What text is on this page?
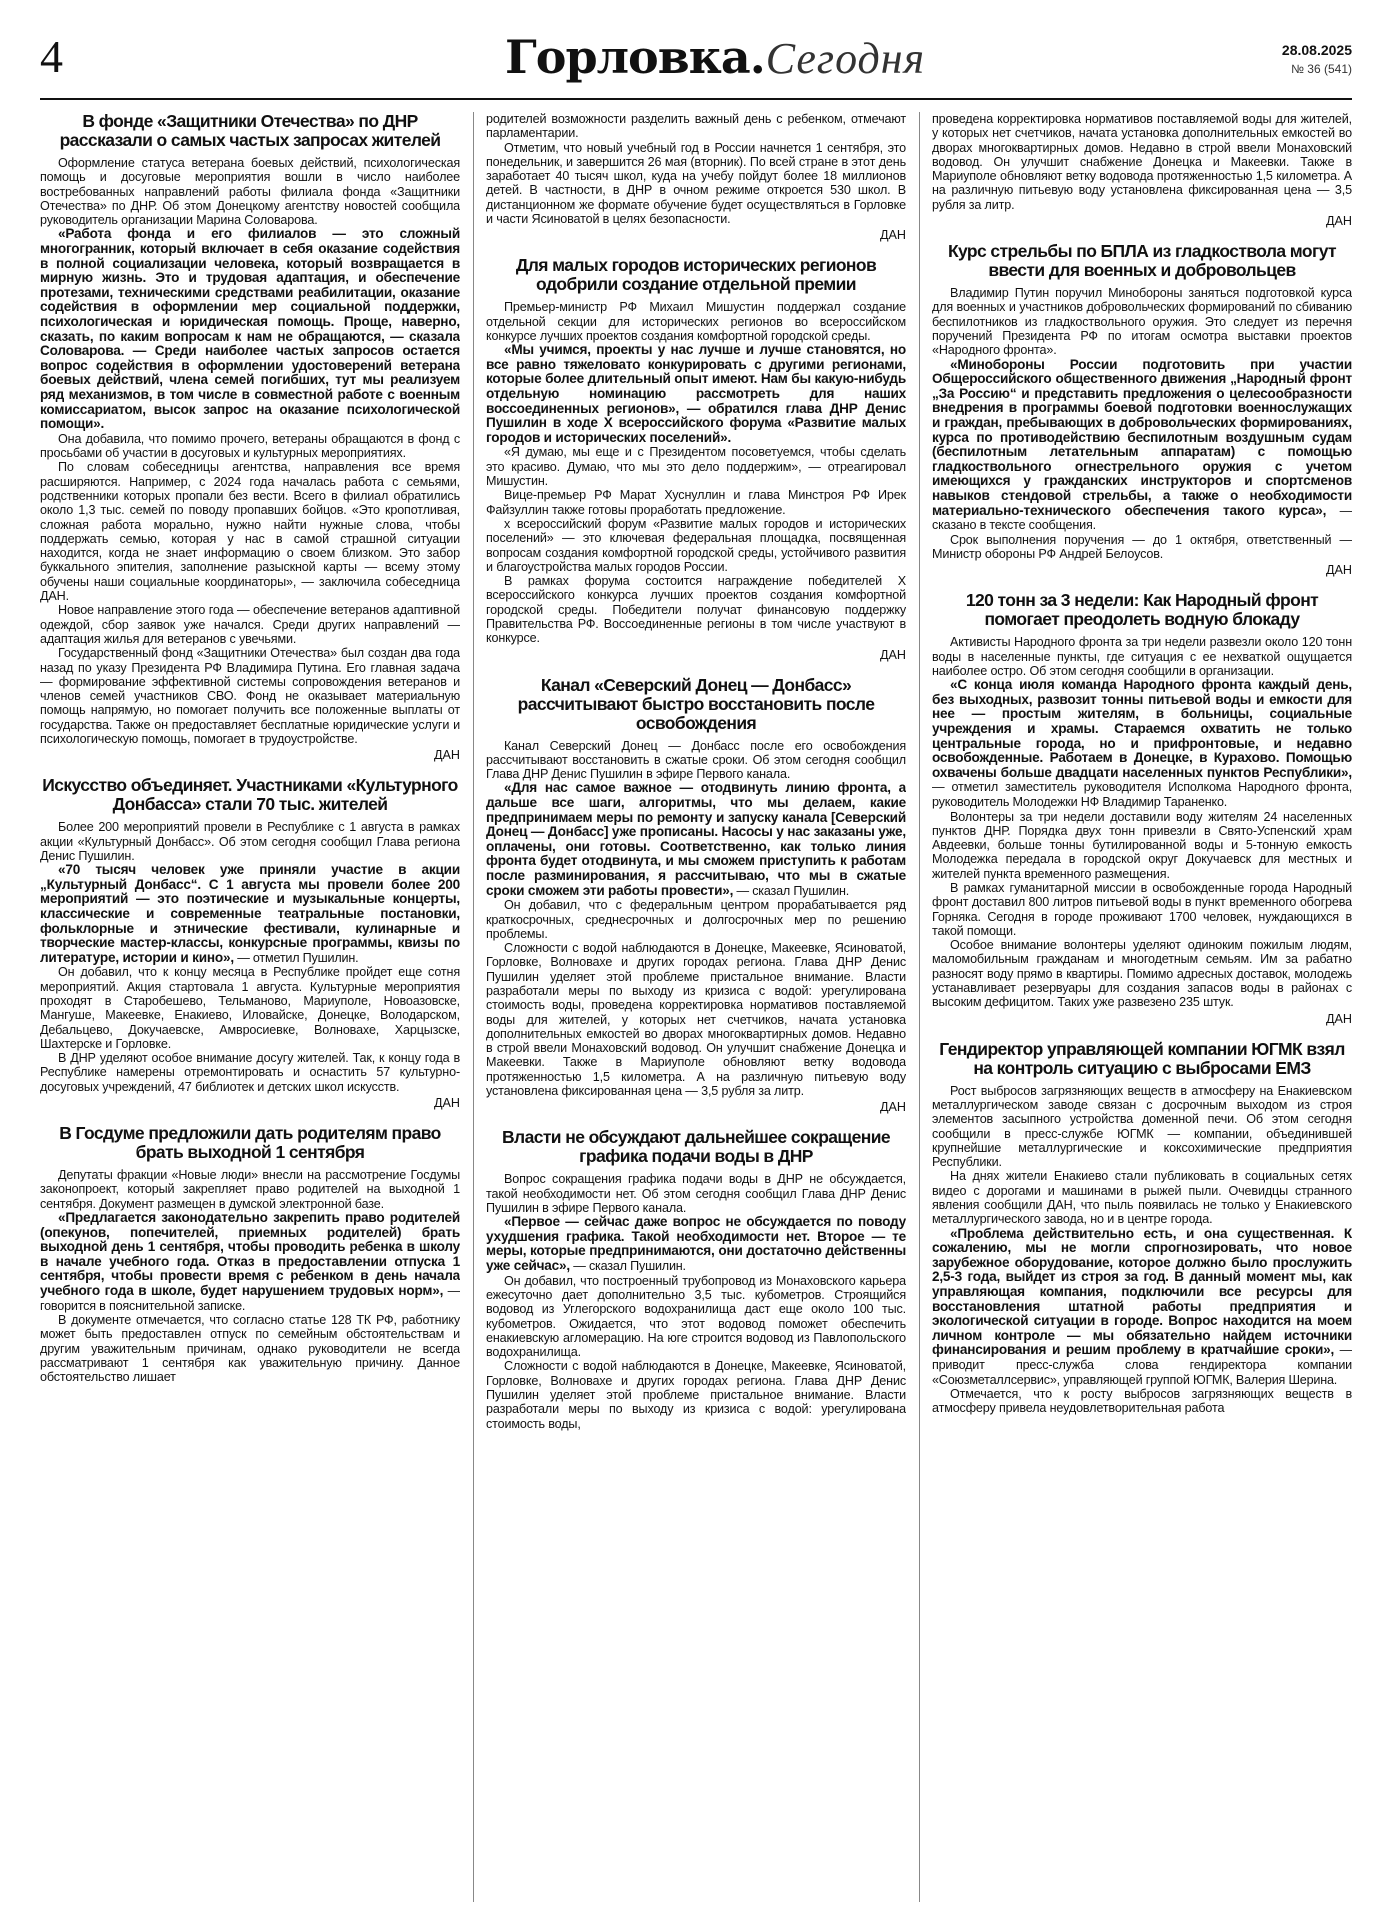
4	Горловка.Сегодня	28.08.2025
№ 36 (541)
В фонде «Защитники Отечества» по ДНР рассказали о самых частых запросах жителей

Оформление статуса ветерана боевых действий, психологическая помощь и досуговые мероприятия вошли в число наиболее востребованных направлений работы филиала фонда «Защитники Отечества» по ДНР. Об этом Донецкому агентству новостей сообщила руководитель организации Марина Соловарова.

«Работа фонда и его филиалов — это сложный многогранник, который включает в себя оказание содействия в полной социализации человека, который возвращается в мирную жизнь. Это и трудовая адаптация, и обеспечение протезами, техническими средствами реабилитации, оказание содействия в оформлении мер социальной поддержки, психологическая и юридическая помощь. Проще, наверно, сказать, по каким вопросам к нам не обращаются, — сказала Соловарова. — Среди наиболее частых запросов остается вопрос содействия в оформлении удостоверений ветерана боевых действий, члена семей погибших, тут мы реализуем ряд механизмов, в том числе в совместной работе с военным комиссариатом, высок запрос на оказание психологической помощи».

Она добавила, что помимо прочего, ветераны обращаются в фонд с просьбами об участии в досуговых и культурных мероприятиях.

По словам собеседницы агентства, направления все время расширяются. Например, с 2024 года началась работа с семьями, родственники которых пропали без вести. Всего в филиал обратились около 1,3 тыс. семей по поводу пропавших бойцов. «Это кропотливая, сложная работа морально, нужно найти нужные слова, чтобы поддержать семью, которая у нас в самой страшной ситуации находится, когда не знает информацию о своем близком. Это забор буккального эпителия, заполнение разыскной карты — всему этому обучены наши социальные координаторы», — заключила собеседница ДАН.

Новое направление этого года — обеспечение ветеранов адаптивной одеждой, сбор заявок уже начался. Среди других направлений — адаптация жилья для ветеранов с увечьями.

Государственный фонд «Защитники Отечества» был создан два года назад по указу Президента РФ Владимира Путина. Его главная задача — формирование эффективной системы сопровождения ветеранов и членов семей участников СВО. Фонд не оказывает материальную помощь напрямую, но помогает получить все положенные выплаты от государства. Также он предоставляет бесплатные юридические услуги и психологическую помощь, помогает в трудоустройстве.

ДАН
Искусство объединяет. Участниками «Культурного Донбасса» стали 70 тыс. жителей

Более 200 мероприятий провели в Республике с 1 августа в рамках акции «Культурный Донбасс». Об этом сегодня сообщил Глава региона Денис Пушилин.

«70 тысяч человек уже приняли участие в акции „Культурный Донбасс“. С 1 августа мы провели более 200 мероприятий — это поэтические и музыкальные концерты, классические и современные театральные постановки, фольклорные и этнические фестивали, кулинарные и творческие мастер-классы, конкурсные программы, квизы по литературе, истории и кино», — отметил Пушилин.

Он добавил, что к концу месяца в Республике пройдет еще сотня мероприятий. Акция стартовала 1 августа. Культурные мероприятия проходят в Старобешево, Тельманово, Мариуполе, Новоазовске, Мангуше, Макеевке, Енакиево, Иловайске, Донецке, Володарском, Дебальцево, Докучаевске, Амвросиевке, Волновахе, Харцызске, Шахтерске и Горловке.

В ДНР уделяют особое внимание досугу жителей. Так, к концу года в Республике намерены отремонтировать и оснастить 57 культурно-досуговых учреждений, 47 библиотек и детских школ искусств.

ДАН
В Госдуме предложили дать родителям право брать выходной 1 сентября

Депутаты фракции «Новые люди» внесли на рассмотрение Госдумы законопроект, который закрепляет право родителей на выходной 1 сентября. Документ размещен в думской электронной базе.

«Предлагается законодательно закрепить право родителей (опекунов, попечителей, приемных родителей) брать выходной день 1 сентября, чтобы проводить ребенка в школу в начале учебного года. Отказ в предоставлении отпуска 1 сентября, чтобы провести время с ребенком в день начала учебного года в школе, будет нарушением трудовых норм», — говорится в пояснительной записке.

В документе отмечается, что согласно статье 128 ТК РФ, работнику может быть предоставлен отпуск по семейным обстоятельствам и другим уважительным причинам, однако руководители не всегда рассматривают 1 сентября как уважительную причину. Данное обстоятельство лишает

родителей возможности разделить важный день с ребенком, отмечают парламентарии.

Отметим, что новый учебный год в России начнется 1 сентября, это понедельник, и завершится 26 мая (вторник). По всей стране в этот день заработает 40 тысяч школ, куда на учебу пойдут более 18 миллионов детей. В частности, в ДНР в очном режиме откроется 530 школ. В дистанционном же формате обучение будет осуществляться в Горловке и части Ясиноватой в целях безопасности.

ДАН
Для малых городов исторических регионов одобрили создание отдельной премии

Премьер-министр РФ Михаил Мишустин поддержал создание отдельной секции для исторических регионов во всероссийском конкурсе лучших проектов создания комфортной городской среды.

«Мы учимся, проекты у нас лучше и лучше становятся, но все равно тяжеловато конкурировать с другими регионами, которые более длительный опыт имеют. Нам бы какую-нибудь отдельную номинацию рассмотреть для наших воссоединенных регионов», — обратился глава ДНР Денис Пушилин в ходе X всероссийского форума «Развитие малых городов и исторических поселений».

«Я думаю, мы еще и с Президентом посоветуемся, чтобы сделать это красиво. Думаю, что мы это дело поддержим», — отреагировал Мишустин.

Вице-премьер РФ Марат Хуснуллин и глава Минстроя РФ Ирек Файзуллин также готовы проработать предложение.

х всероссийский форум «Развитие малых городов и исторических поселений» — это ключевая федеральная площадка, посвященная вопросам создания комфортной городской среды, устойчивого развития и благоустройства малых городов России.

В рамках форума состоится награждение победителей X всероссийского конкурса лучших проектов создания комфортной городской среды. Победители получат финансовую поддержку Правительства РФ. Воссоединенные регионы в том числе участвуют в конкурсе.

ДАН
Канал «Северский Донец — Донбасс» рассчитывают быстро восстановить после освобождения

Канал Северский Донец — Донбасс после его освобождения рассчитывают восстановить в сжатые сроки. Об этом сегодня сообщил Глава ДНР Денис Пушилин в эфире Первого канала.

«Для нас самое важное — отодвинуть линию фронта, а дальше все шаги, алгоритмы, что мы делаем, какие предпринимаем меры по ремонту и запуску канала [Северский Донец — Донбасс] уже прописаны. Насосы у нас заказаны уже, оплачены, они готовы. Соответственно, как только линия фронта будет отодвинута, и мы сможем приступить к работам после разминирования, я рассчитываю, что мы в сжатые сроки сможем эти работы провести», — сказал Пушилин.

Он добавил, что с федеральным центром прорабатывается ряд краткосрочных, среднесрочных и долгосрочных мер по решению проблемы.

Сложности с водой наблюдаются в Донецке, Макеевке, Ясиноватой, Горловке, Волновахе и других городах региона. Глава ДНР Денис Пушилин уделяет этой проблеме пристальное внимание. Власти разработали меры по выходу из кризиса с водой: урегулирована стоимость воды, проведена корректировка нормативов поставляемой воды для жителей, у которых нет счетчиков, начата установка дополнительных емкостей во дворах многоквартирных домов. Недавно в строй ввели Монаховский водовод. Он улучшит снабжение Донецка и Макеевки. Также в Мариуполе обновляют ветку водовода протяженностью 1,5 километра. А на различную питьевую воду установлена фиксированная цена — 3,5 рубля за литр.

ДАН
Власти не обсуждают дальнейшее сокращение графика подачи воды в ДНР

Вопрос сокращения графика подачи воды в ДНР не обсуждается, такой необходимости нет. Об этом сегодня сообщил Глава ДНР Денис Пушилин в эфире Первого канала.

«Первое — сейчас даже вопрос не обсуждается по поводу ухудшения графика. Такой необходимости нет. Второе — те меры, которые предпринимаются, они достаточно действенны уже сейчас», — сказал Пушилин.

Он добавил, что построенный трубопровод из Монаховского карьера ежесуточно дает дополнительно 3,5 тыс. кубометров. Строящийся водовод из Углегорского водохранилища даст еще около 100 тыс. кубометров. Ожидается, что этот водовод поможет обеспечить енакиевскую агломерацию. На юге строится водовод из Павлопольского водохранилища.

Сложности с водой наблюдаются в Донецке, Макеевке, Ясиноватой, Горловке, Волновахе и других городах региона. Глава ДНР Денис Пушилин уделяет этой проблеме пристальное внимание. Власти разработали меры по выходу из кризиса с водой: урегулирована стоимость воды,

проведена корректировка нормативов поставляемой воды для жителей, у которых нет счетчиков, начата установка дополнительных емкостей во дворах многоквартирных домов. Недавно в строй ввели Монаховский водовод. Он улучшит снабжение Донецка и Макеевки. Также в Мариуполе обновляют ветку водовода протяженностью 1,5 километра. А на различную питьевую воду установлена фиксированная цена — 3,5 рубля за литр.

ДАН
Курс стрельбы по БПЛА из гладкоствола могут ввести для военных и добровольцев

Владимир Путин поручил Минобороны заняться подготовкой курса для военных и участников добровольческих формирований по сбиванию беспилотников из гладкоствольного оружия. Это следует из перечня поручений Президента РФ по итогам осмотра выставки проектов «Народного фронта».

«Минобороны России подготовить при участии Общероссийского общественного движения „Народный фронт „За Россию“ и представить предложения о целесообразности внедрения в программы боевой подготовки военнослужащих и граждан, пребывающих в добровольческих формированиях, курса по противодействию беспилотным воздушным судам (беспилотным летательным аппаратам) с помощью гладкоствольного огнестрельного оружия с учетом имеющихся у гражданских инструкторов и спортсменов навыков стендовой стрельбы, а также о необходимости материально-технического обеспечения такого курса», — сказано в тексте сообщения.

Срок выполнения поручения — до 1 октября, ответственный — Министр обороны РФ Андрей Белоусов.

ДАН
120 тонн за 3 недели: Как Народный фронт помогает преодолеть водную блокаду

Активисты Народного фронта за три недели развезли около 120 тонн воды в населенные пункты, где ситуация с ее нехваткой ощущается наиболее остро. Об этом сегодня сообщили в организации.

«С конца июля команда Народного фронта каждый день, без выходных, развозит тонны питьевой воды и емкости для нее — простым жителям, в больницы, социальные учреждения и храмы. Стараемся охватить не только центральные города, но и прифронтовые, и недавно освобожденные. Работаем в Донецке, в Курахово. Помощью охвачены больше двадцати населенных пунктов Республики», — отметил заместитель руководителя Исполкома Народного фронта, руководитель Молодежки НФ Владимир Тараненко.

Волонтеры за три недели доставили воду жителям 24 населенных пунктов ДНР. Порядка двух тонн привезли в Свято-Успенский храм Авдеевки, больше тонны бутилированной воды и 5-тонную емкость Молодежка передала в городской округ Докучаевск для местных и жителей пункта временного размещения.

В рамках гуманитарной миссии в освобожденные города Народный фронт доставил 800 литров питьевой воды в пункт временного обогрева Горняка. Сегодня в городе проживают 1700 человек, нуждающихся в такой помощи.

Особое внимание волонтеры уделяют одиноким пожилым людям, маломобильным гражданам и многодетным семьям. Им за рабатно разносят воду прямо в квартиры. Помимо адресных доставок, молодежь устанавливает резервуары для создания запасов воды в районах с высоким дефицитом. Таких уже развезено 235 штук.

ДАН
Гендиректор управляющей компании ЮГМК взял на контроль ситуацию с выбросами ЕМЗ

Рост выбросов загрязняющих веществ в атмосферу на Енакиевском металлургическом заводе связан с досрочным выходом из строя элементов засыпного устройства доменной печи. Об этом сегодня сообщили в пресс-службе ЮГМК — компании, объединившей крупнейшие металлургические и коксохимические предприятия Республики.

На днях жители Енакиево стали публиковать в социальных сетях видео с дорогами и машинами в рыжей пыли. Очевидцы странного явления сообщили ДАН, что пыль появилась не только у Енакиевского металлургического завода, но и в центре города.

«Проблема действительно есть, и она существенная. К сожалению, мы не могли спрогнозировать, что новое зарубежное оборудование, которое должно было прослужить 2,5-3 года, выйдет из строя за год. В данный момент мы, как управляющая компания, подключили все ресурсы для восстановления штатной работы предприятия и экологической ситуации в городе. Вопрос находится на моем личном контроле — мы обязательно найдем источники финансирования и решим проблему в кратчайшие сроки», — приводит пресс-служба слова гендиректора компании «Союзметаллсервис», управляющей группой ЮГМК, Валерия Шерина.

Отмечается, что к росту выбросов загрязняющих веществ в атмосферу привела неудовлетворительная работа
